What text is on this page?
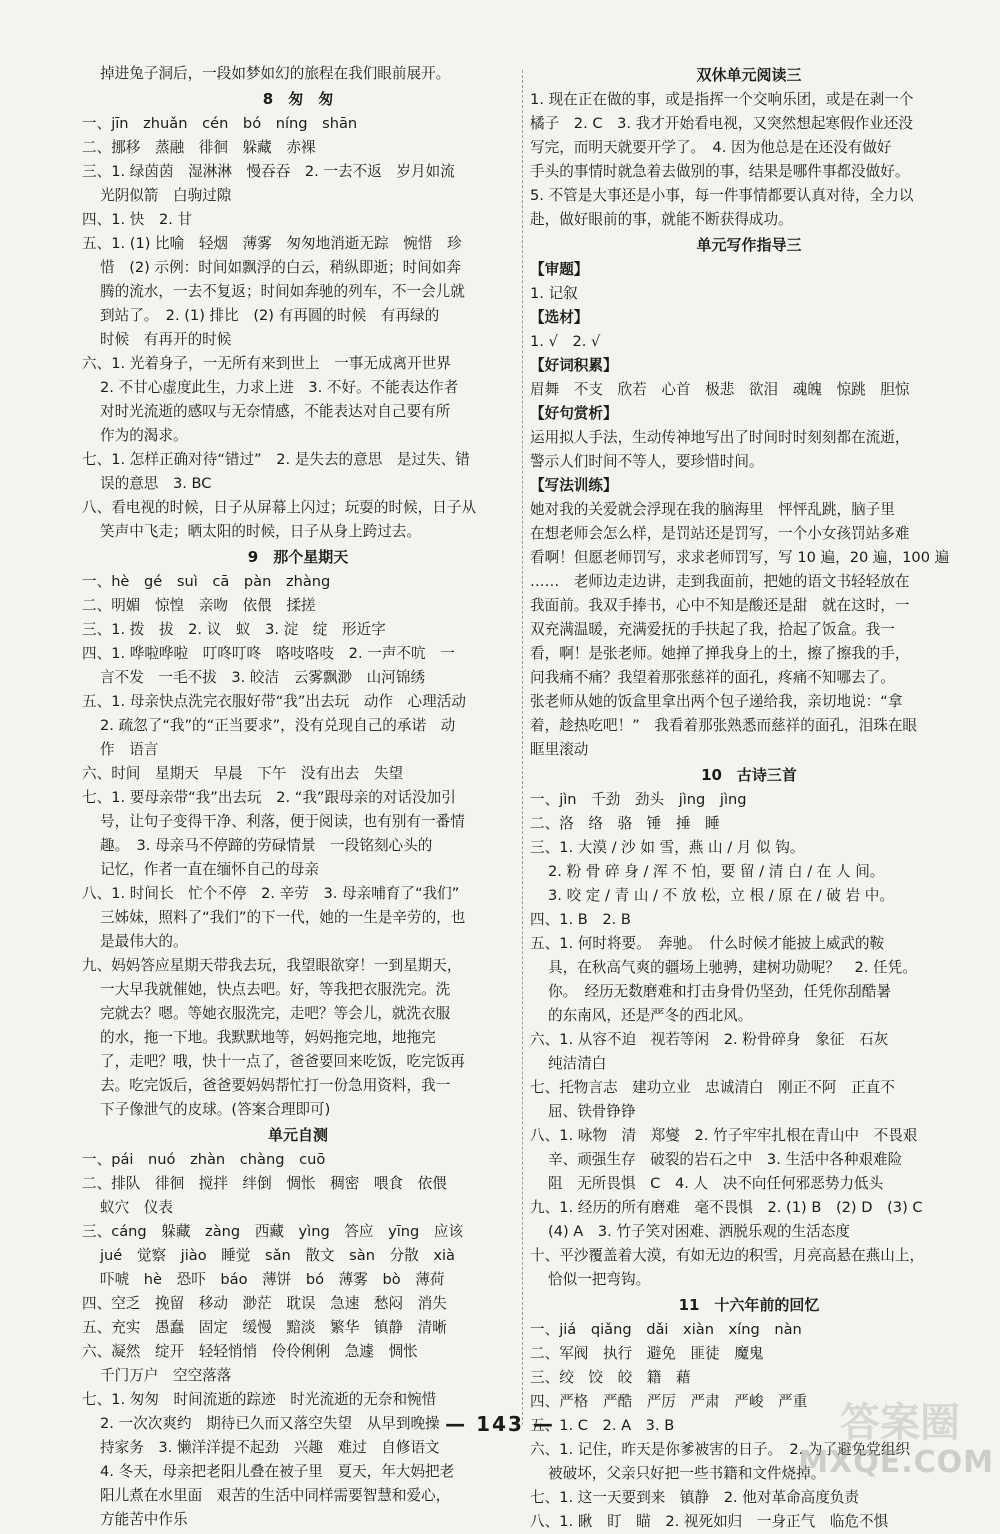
掉进兔子洞后，一段如梦如幻的旅程在我们眼前展开。
8　匆　匆
一、jīn　zhuǎn　cén　bó　níng　shān
二、挪移　蒸融　徘徊　躲藏　赤裸
三、1. 绿茵茵　湿淋淋　慢吞吞　2. 一去不返　岁月如流
光阴似箭　白驹过隙
四、1. 快　2. 甘
五、1. (1) 比喻　轻烟　薄雾　匆匆地消逝无踪　惋惜　珍
惜　(2) 示例：时间如飘浮的白云，稍纵即逝；时间如奔
腾的流水，一去不复返；时间如奔驰的列车，不一会儿就
到站了。　2. (1) 排比　(2) 有再圆的时候　有再绿的
时候　有再开的时候
六、1. 光着身子，一无所有来到世上　一事无成离开世界
2. 不甘心虚度此生，力求上进　3. 不好。不能表达作者
对时光流逝的感叹与无奈情感，不能表达对自己要有所
作为的渴求。
七、1. 怎样正确对待“错过”　2. 是失去的意思　是过失、错
误的意思　3. BC
八、看电视的时候，日子从屏幕上闪过；玩耍的时候，日子从
笑声中飞走；晒太阳的时候，日子从身上跨过去。
9　那个星期天
一、hè　gé　suì　cā　pàn　zhàng
二、明媚　惊惶　亲吻　依偎　揉搓
三、1. 拨　拔　2. 议　蚁　3. 淀　绽　形近字
四、1. 哗啦哗啦　叮咚叮咚　咯吱咯吱　2. 一声不吭　一
言不发　一毛不拔　3. 皎洁　云雾飘渺　山河锦绣
五、1. 母亲快点洗完衣服好带“我”出去玩　动作　心理活动
2. 疏忽了“我”的“正当要求”，没有兑现自己的承诺　动
作　语言
六、时间　星期天　早晨　下午　没有出去　失望
七、1. 要母亲带“我”出去玩　2. “我”跟母亲的对话没加引
号，让句子变得干净、利落，便于阅读，也有别有一番情
趣。　3. 母亲马不停蹄的劳碌情景　一段铭刻心头的
记忆，作者一直在缅怀自己的母亲
八、1. 时间长　忙个不停　2. 辛劳　3. 母亲哺育了“我们”
三姊妹，照料了“我们”的下一代，她的一生是辛劳的，也
是最伟大的。
九、妈妈答应星期天带我去玩，我望眼欲穿！一到星期天，
一大早我就催她，快点去吧。好，等我把衣服洗完。洗
完就去？嗯。等她衣服洗完，走吧？等会儿，就洗衣服
的水，拖一下地。我默默地等，妈妈拖完地，地拖完
了，走吧？哦，快十一点了，爸爸要回来吃饭，吃完饭再
去。吃完饭后，爸爸要妈妈帮忙打一份急用资料，我一
下子像泄气的皮球。(答案合理即可)
单元自测
一、pái　nuó　zhàn　chàng　cuō
二、排队　徘徊　搅拌　绊倒　惆怅　稠密　喂食　依偎
蚁穴　仪表
三、cáng　躲藏　zàng　西藏　yìng　答应　yīng　应该
jué　觉察　jiào　睡觉　sǎn　散文　sàn　分散　xià
吓唬　hè　恐吓　báo　薄饼　bó　薄雾　bò　薄荷
四、空乏　挽留　移动　渺茫　耽误　急速　愁闷　消失
五、充实　愚蠢　固定　缓慢　黯淡　繁华　镇静　清晰
六、凝然　绽开　轻轻悄悄　伶伶俐俐　急遽　惆怅
千门万户　空空落落
七、1. 匆匆　时间流逝的踪迹　时光流逝的无奈和惋惜
2. 一次次爽约　期待已久而又落空失望　从早到晚操
持家务　3. 懒洋洋提不起劲　兴趣　难过　自修语文
4. 冬天，母亲把老阳儿叠在被子里　夏天，年大妈把老
阳儿煮在水里面　艰苦的生活中同样需要智慧和爱心，
方能苦中作乐
双休单元阅读三
1. 现在正在做的事，或是指挥一个交响乐团，或是在剥一个
橘子　2. C　3. 我才开始看电视，又突然想起寒假作业还没
写完，而明天就要开学了。　4. 因为他总是在还没有做好
手头的事情时就急着去做别的事，结果是哪件事都没做好。
5. 不管是大事还是小事，每一件事情都要认真对待，全力以
赴，做好眼前的事，就能不断获得成功。
单元写作指导三
【审题】
1. 记叙
【选材】
1. √　2. √
【好词积累】
眉舞　不支　欣若　心首　极悲　欲泪　魂魄　惊跳　胆惊
【好句赏析】
运用拟人手法，生动传神地写出了时间时时刻刻都在流逝，
警示人们时间不等人，要珍惜时间。
【写法训练】
她对我的关爱就会浮现在我的脑海里　怦怦乱跳，脑子里
在想老师会怎么样，是罚站还是罚写，一个小女孩罚站多难
看啊！但愿老师罚写，求求老师罚写，写 10 遍，20 遍，100 遍
……　老师边走边讲，走到我面前，把她的语文书轻轻放在
我面前。我双手捧书，心中不知是酸还是甜　就在这时，一
双充满温暖，充满爱抚的手扶起了我，拾起了饭盒。我一
看，啊！是张老师。她掸了掸我身上的土，擦了擦我的手，
问我痛不痛？我望着那张慈祥的面孔，疼痛不知哪去了。
张老师从她的饭盒里拿出两个包子递给我，亲切地说：“拿
着，趁热吃吧！”　我看着那张熟悉而慈祥的面孔，泪珠在眼
眶里滚动
10　古诗三首
一、jìn　千劲　劲头　jìng　jìng
二、洛　络　骆　锤　捶　睡
三、1. 大漠 / 沙 如 雪，燕 山 / 月 似 钩。
2. 粉 骨 碎 身 / 浑 不 怕，要 留 / 清 白 / 在 人 间。
3. 咬 定 / 青 山 / 不 放 松，立 根 / 原 在 / 破 岩 中。
四、1. B　2. B
五、1. 何时将要。　奔驰。　什么时候才能披上威武的鞍
具，在秋高气爽的疆场上驰骋，建树功勋呢？　2. 任凭。
你。　经历无数磨难和打击身骨仍坚劲，任凭你刮酷暑
的东南风，还是严冬的西北风。
六、1. 从容不迫　视若等闲　2. 粉骨碎身　象征　石灰
纯洁清白
七、托物言志　建功立业　忠诚清白　刚正不阿　正直不
屈、铁骨铮铮
八、1. 咏物　清　郑燮　2. 竹子牢牢扎根在青山中　不畏艰
辛、顽强生存　破裂的岩石之中　3. 生活中各种艰难险
阻　无所畏惧　C　4. 人　决不向任何邪恶势力低头
九、1. 经历的所有磨难　毫不畏惧　2. (1) B　(2) D　(3) C
(4) A　3. 竹子笑对困难、洒脱乐观的生活态度
十、平沙覆盖着大漠，有如无边的积雪，月亮高悬在燕山上，
恰似一把弯钩。
11　十六年前的回忆
一、jiá　qiǎng　dǎi　xiàn　xíng　nàn
二、军阀　执行　避免　匪徒　魔鬼
三、绞　饺　皎　籍　藉
四、严格　严酷　严厉　严肃　严峻　严重
五、1. C　2. A　3. B
六、1. 记住，昨天是你爹被害的日子。　2. 为了避免党组织
被破坏，父亲只好把一些书籍和文件烧掉。
七、1. 这一天要到来　镇静　2. 他对革命高度负责
八、1. 瞅　盯　瞄　2. 视死如归　一身正气　临危不惧
— 143 —	答案圈
MXQE.COM
